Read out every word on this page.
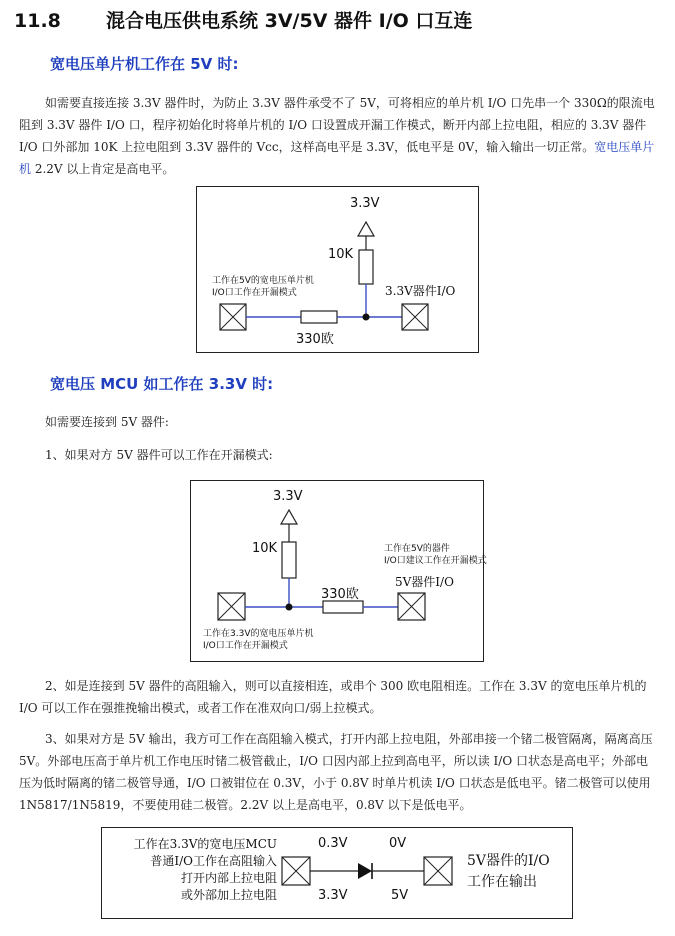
11.8 混合电压供电系统 3V/5V 器件 I/O 口互连
宽电压单片机工作在 5V 时:
如需要直接连接 3.3V 器件时，为防止 3.3V 器件承受不了 5V，可将相应的单片机 I/O 口先串一个 330Ω的限流电阻到 3.3V 器件 I/O 口，程序初始化时将单片机的 I/O 口设置成开漏工作模式，断开内部上拉电阻，相应的 3.3V 器件 I/O 口外部加 10K 上拉电阻到 3.3V 器件的 Vcc，这样高电平是 3.3V，低电平是 0V，输入输出一切正常。宽电压单片机 2.2V 以上肯定是高电平。
3.3V
10K
330欧
工作在5V的宽电压单片机
I/O口工作在开漏模式	3.3V器件I/O
宽电压 MCU 如工作在 3.3V 时:
如需要连接到 5V 器件:
1、如果对方 5V 器件可以工作在开漏模式:
3.3V
10K
330欧
工作在5V的器件
I/O口建议工作在开漏模式
5V器件I/O
工作在3.3V的宽电压单片机
I/O口工作在开漏模式
2、如是连接到 5V 器件的高阻输入，则可以直接相连，或串个 300 欧电阻相连。工作在 3.3V 的宽电压单片机的 I/O 可以工作在强推挽输出模式，或者工作在准双向口/弱上拉模式。
3、如果对方是 5V 输出，我方可工作在高阻输入模式，打开内部上拉电阻，外部串接一个锗二极管隔离，隔离高压 5V。外部电压高于单片机工作电压时锗二极管截止，I/O 口因内部上拉到高电平，所以读 I/O 口状态是高电平；外部电压为低时隔离的锗二极管导通，I/O 口被钳位在 0.3V，小于 0.8V 时单片机读 I/O 口状态是低电平。锗二极管可以使用 1N5817/1N5819，不要使用硅二极管。2.2V 以上是高电平，0.8V 以下是低电平。
工作在3.3V的宽电压MCU
普通I/O工作在高阻输入
打开内部上拉电阻
或外部加上拉电阻
0.3V	0V
3.3V	5V
5V器件的I/O
工作在输出
